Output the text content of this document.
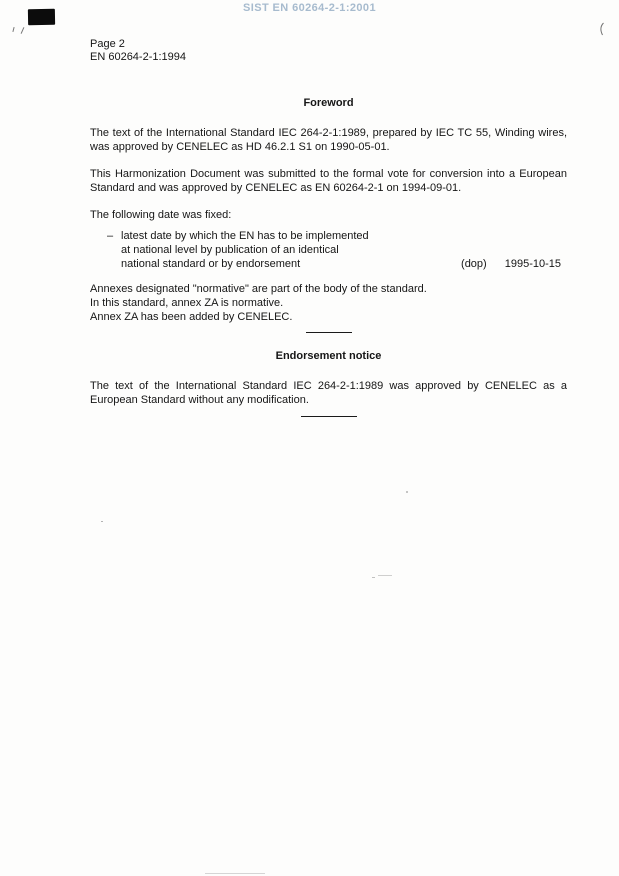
SIST EN 60264-2-1:2001
Page 2
EN 60264-2-1:1994
Foreword

The text of the International Standard IEC 264-2-1:1989, prepared by IEC TC 55, Winding wires, was approved by CENELEC as HD 46.2.1 S1 on 1990-05-01.

This Harmonization Document was submitted to the formal vote for conversion into a European Standard and was approved by CENELEC as EN 60264-2-1 on 1994-09-01.

The following date was fixed:

– latest date by which the EN has to be implemented
at national level by publication of an identical
national standard or by endorsement	(dop) 1995-10-15

Annexes designated "normative" are part of the body of the standard.

In this standard, annex ZA is normative.

Annex ZA has been added by CENELEC.

Endorsement notice

The text of the International Standard IEC 264-2-1:1989 was approved by CENELEC as a European Standard without any modification.
